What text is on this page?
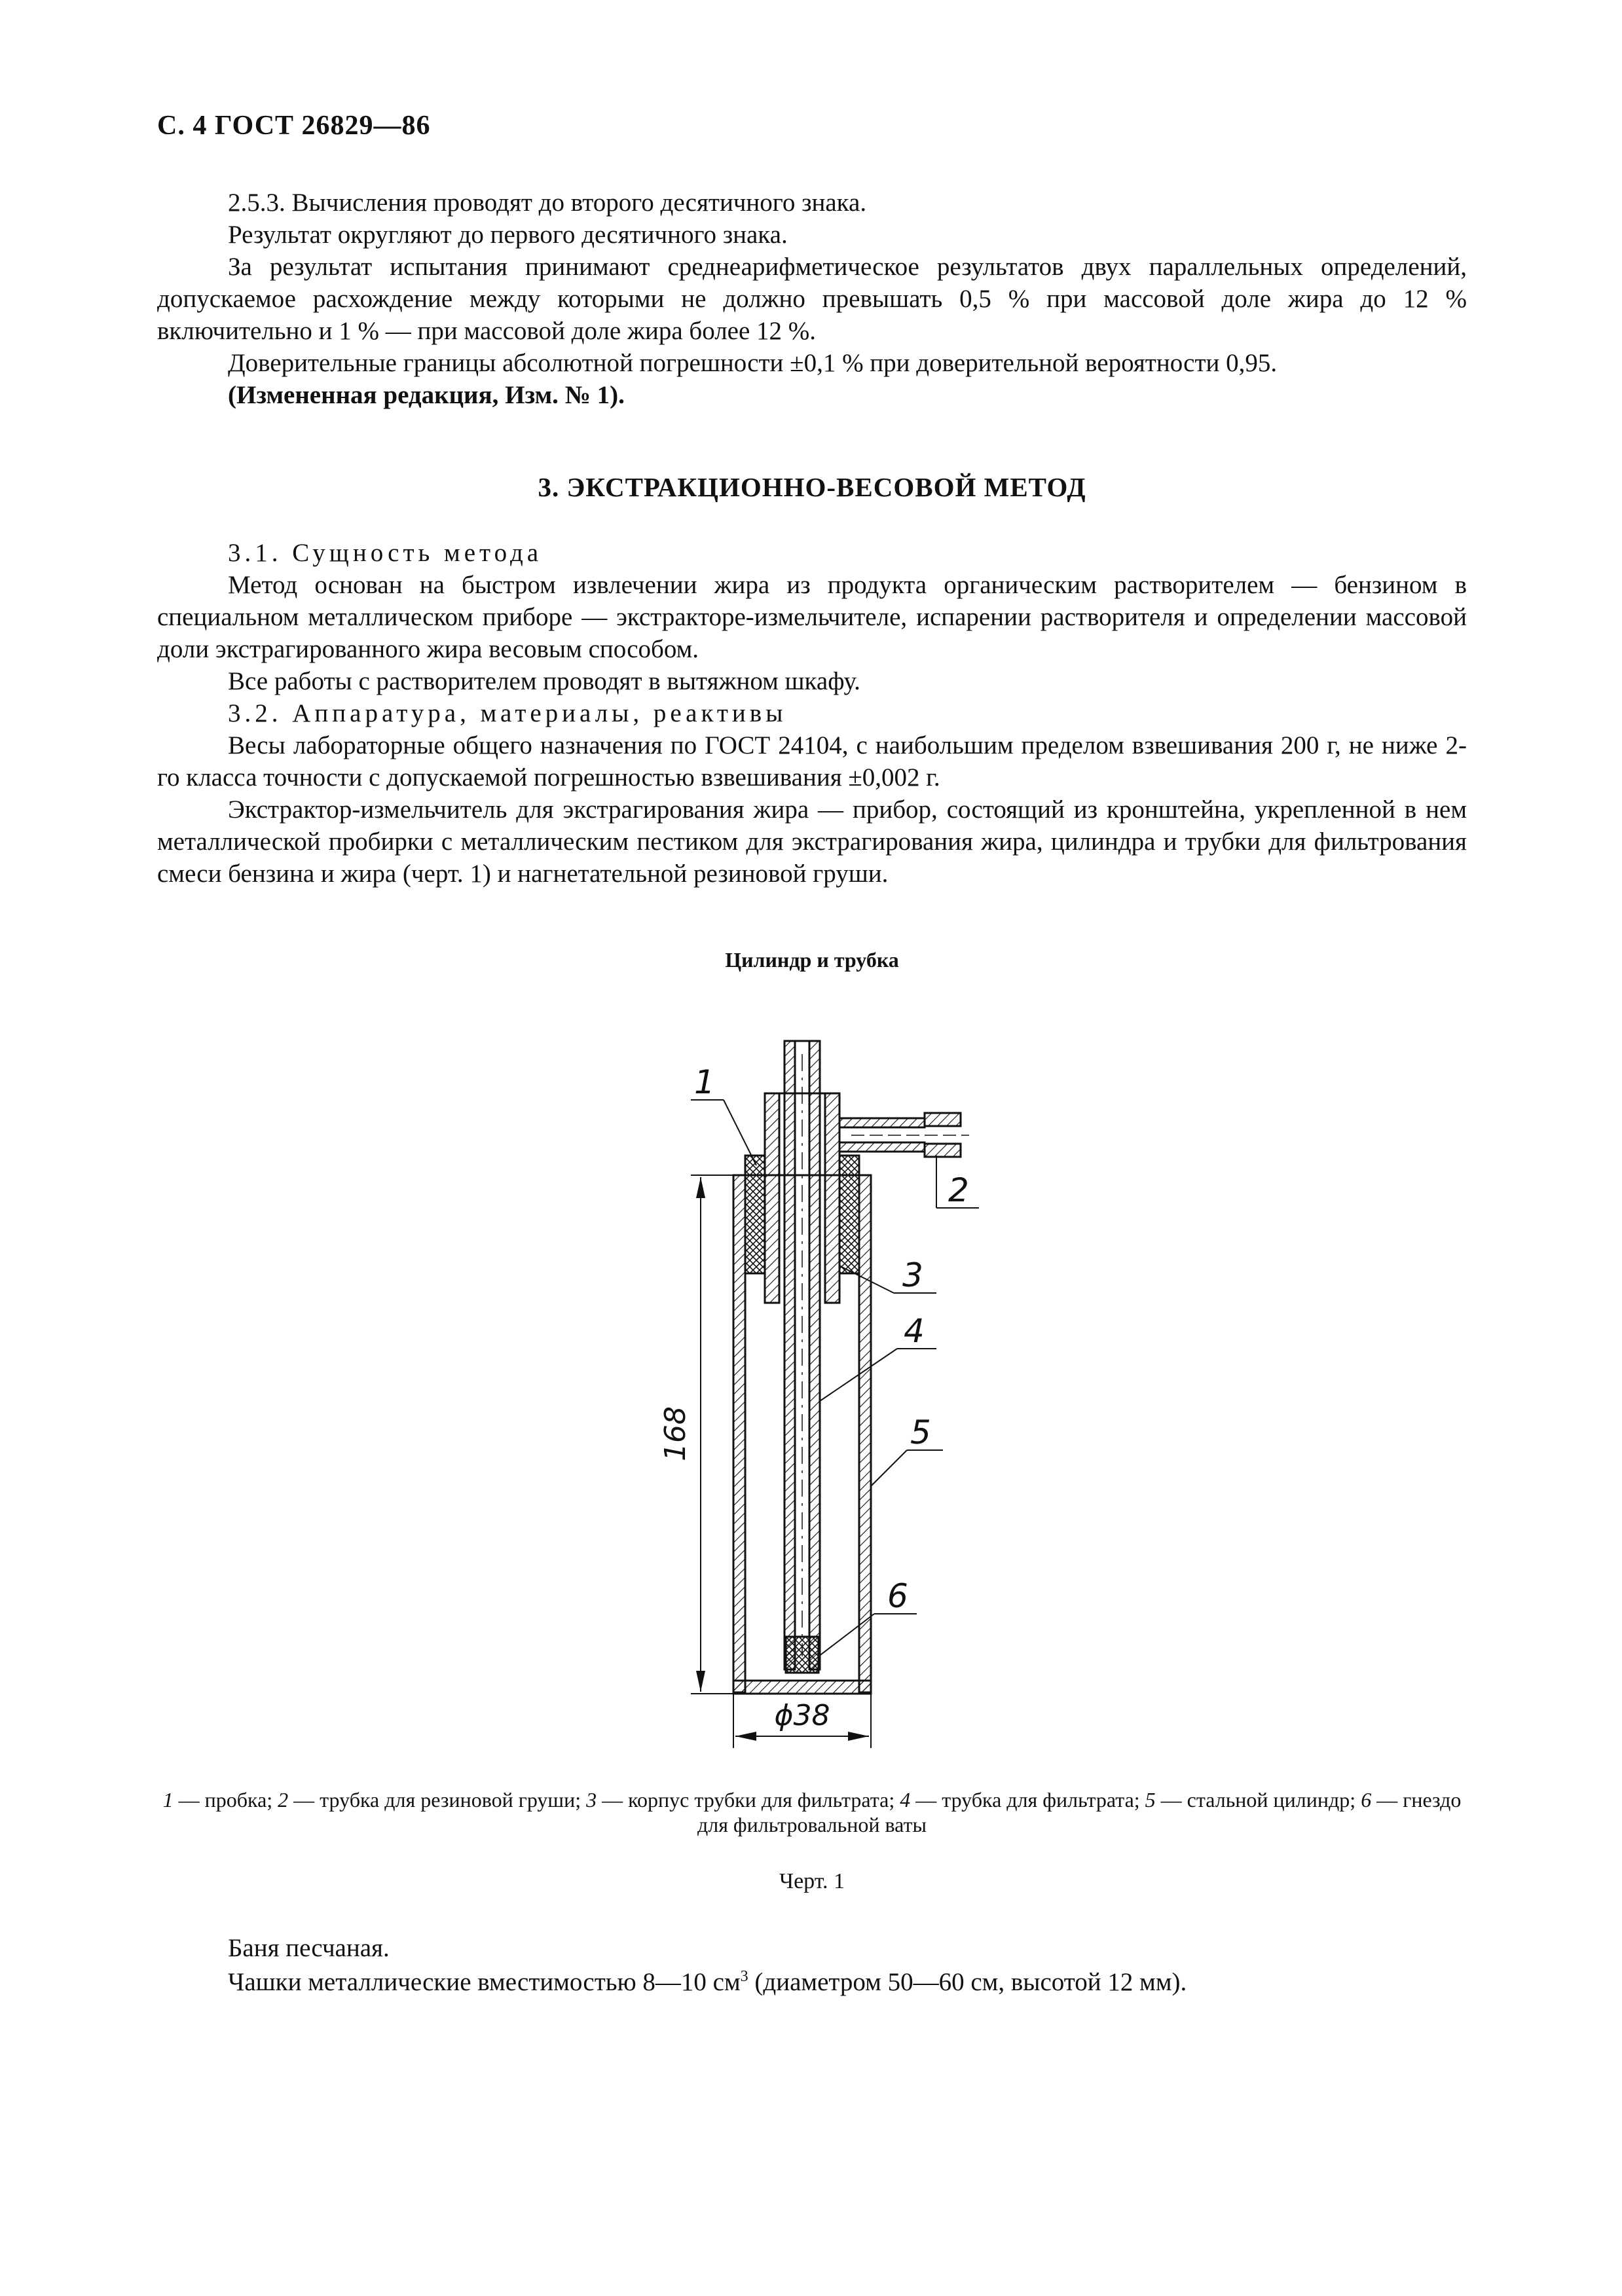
С. 4 ГОСТ 26829—86

2.5.3. Вычисления проводят до второго десятичного знака.

Результат округляют до первого десятичного знака.

За результат испытания принимают среднеарифметическое результатов двух параллельных определений, допускаемое расхождение между которыми не должно превышать 0,5 % при массовой доле жира до 12 % включительно и 1 % — при массовой доле жира более 12 %.

Доверительные границы абсолютной погрешности ±0,1 % при доверительной вероятности 0,95.

(Измененная редакция, Изм. № 1).

3. ЭКСТРАКЦИОННО-ВЕСОВОЙ МЕТОД

3.1. Сущность метода

Метод основан на быстром извлечении жира из продукта органическим растворителем — бензином в специальном металлическом приборе — экстракторе-измельчителе, испарении растворителя и определении массовой доли экстрагированного жира весовым способом.

Все работы с растворителем проводят в вытяжном шкафу.

3.2. Аппаратура, материалы, реактивы

Весы лабораторные общего назначения по ГОСТ 24104, с наибольшим пределом взвешивания 200 г, не ниже 2-го класса точности с допускаемой погрешностью взвешивания ±0,002 г.

Экстрактор-измельчитель для экстрагирования жира — прибор, состоящий из кронштейна, укрепленной в нем металлической пробирки с металлическим пестиком для экстрагирования жира, цилиндра и трубки для фильтрования смеси бензина и жира (черт. 1) и нагнетательной резиновой груши.

Цилиндр и трубка
168
ϕ38
1
2
3
4
5
6
1 — пробка; 2 — трубка для резиновой груши; 3 — корпус трубки для фильтрата; 4 — трубка для фильтрата; 5 — стальной цилиндр; 6 — гнездо для фильтровальной ваты
Черт. 1

Баня песчаная.

Чашки металлические вместимостью 8—10 $см^3$ (диаметром 50—60 см, высотой 12 мм).
